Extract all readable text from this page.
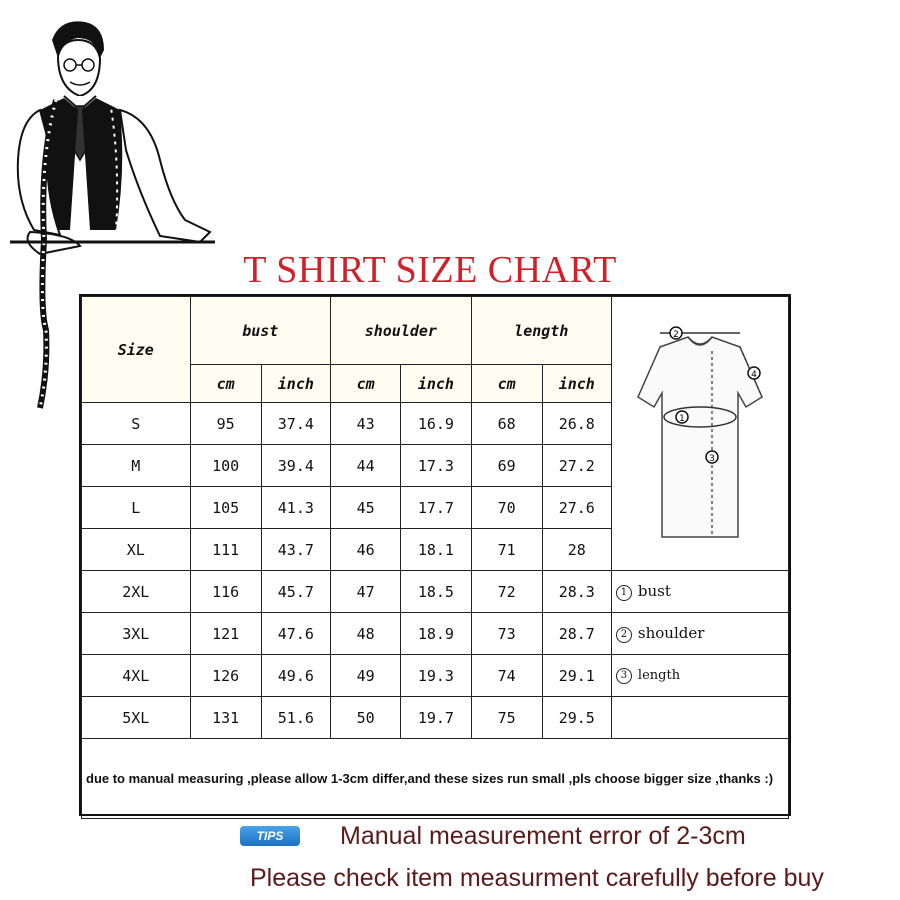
T SHIRT SIZE CHART
Size	bust		shoulder		length		2
1
3
4

	cm	inch	cm	inch	cm	inch	
S	95	37.4	43	16.9	68	26.8	
M	100	39.4	44	17.3	69	27.2	
L	105	41.3	45	17.7	70	27.6	
XL	111	43.7	46	18.1	71	28	
2XL	116	45.7	47	18.5	72	28.3	1 bust
3XL	121	47.6	48	18.9	73	28.7	2 shoulder
4XL	126	49.6	49	19.3	74	29.1	3 length
5XL	131	51.6	50	19.7	75	29.5	
due to manual measuring ,please allow 1-3cm differ,and these sizes run small ,pls choose bigger size ,thanks :)							
TIPS	Manual measurement error of 2-3cm
Please check item measurment carefully before buy
